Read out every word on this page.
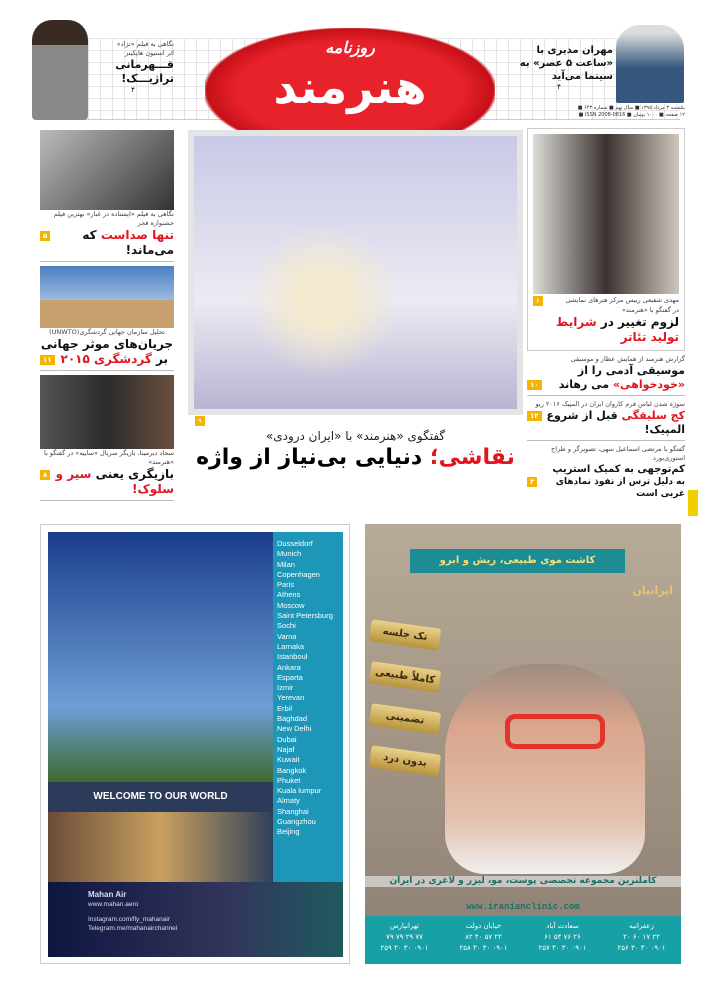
نگاهی به فیلم «نژاد»
اثر استیون هاپکینز
قـــهرمانی
تراژیـــک!
۴
مهران مدیری با
«ساعت ۵ عصر» به
سینما می‌آید
۴
یکشنبه ۳ مرداد ۱۳۹۵ ■ سال نهم ■ شماره ۶۴۳ ■
۱۲ صفحه ■ ۱۰۰۰ تومان ■ ISSN 2008-0816 ■
روزنامه
هنرمند
نگاهی به فیلم «ایستاده در غبار» بهترین فیلم جشنواره فجر
۵	تنها صداست که می‌ماند!
تحلیل سازمان جهانی گردشگری(UNWTO)
جریان‌های موثر جهانی
۱۱	بر گردشگری ۲۰۱۵
سجاد دیرمینا، بازیگر سریال «ساییه» در گفتگو با «هنرمند»
۸	بازیگری یعنی سیر و سلوک!
۹
گفتگوی «هنرمند» با «ایران درودی»
نقاشی؛ دنیایی بی‌نیاز از واژه
۶	مهدی شفیعی رییس مرکز هنرهای نمایشی
در گفتگو با «هنرمند»
لزوم تغییر در شرایط تولید تئاتر
گزارش هنرمند از همایش عطار و موسیقی
موسیقی آدمی را از
۱۰	«خودخواهی» می رهاند
سوژه شدن لباس فرم کاروان ایران در المپیک ۲۰۱۶ ریو
۱۲	کج سلیقگی قبل از شروع المپیک!
گفتگو با مرتضی اسماعیل سهی، تصویرگر و طراح استوری‌بورد
کم‌توجهی به کمیک استریپ
۳	به دلیل ترس از نفوذ نمادهای غربی است
Dusseldorf
Munich
Milan
Copenhagen
Paris
Athens
Moscow
Saint Petersburg
Sochi
Varna
Larnaka
Istanboul
Ankara
Esparta
Izmir
Yerevan
Erbil
Baghdad
New Delhi
Dubai
Najaf
Kuwait
Bangkok
Phuket
Kuala lumpur
Almaty
Shanghai
Guangzhou
Beijing
WELCOME TO OUR WORLD
Mahan Air
www.mahan.aero
Instagram.com/fly_mahanair
Telegram.me/mahanairchannel
کاشت موی طبیعی، ریش و ابرو
ایرانیان
تک جلسه
کاملاً طبیعی
تضمینی
بدون درد
کاملترین مجموعه تخصصی پوست، مو، لیزر و لاغری در ایران
www.iranianclinic.com
زعفرانیه
۲۲ ۱۷ ۶۰ ۲۰
۰۹۰۱ ۳۰ ۳۰ ۲۵۶
سعادت آباد
۲۶ ۷۶ ۵۴ ۶۱
۰۹۰۱ ۳۰ ۳۰ ۲۵۷
خیابان دولت
۲۲ ۵۷ ۴۰ ۸۲
۰۹۰۱ ۳۰ ۳۰ ۲۵۸
تهرانپارس
۷۷ ۲۹ ۷۹ ۷۹
۰۹۰۱ ۳۰ ۳۰ ۲۵۹
